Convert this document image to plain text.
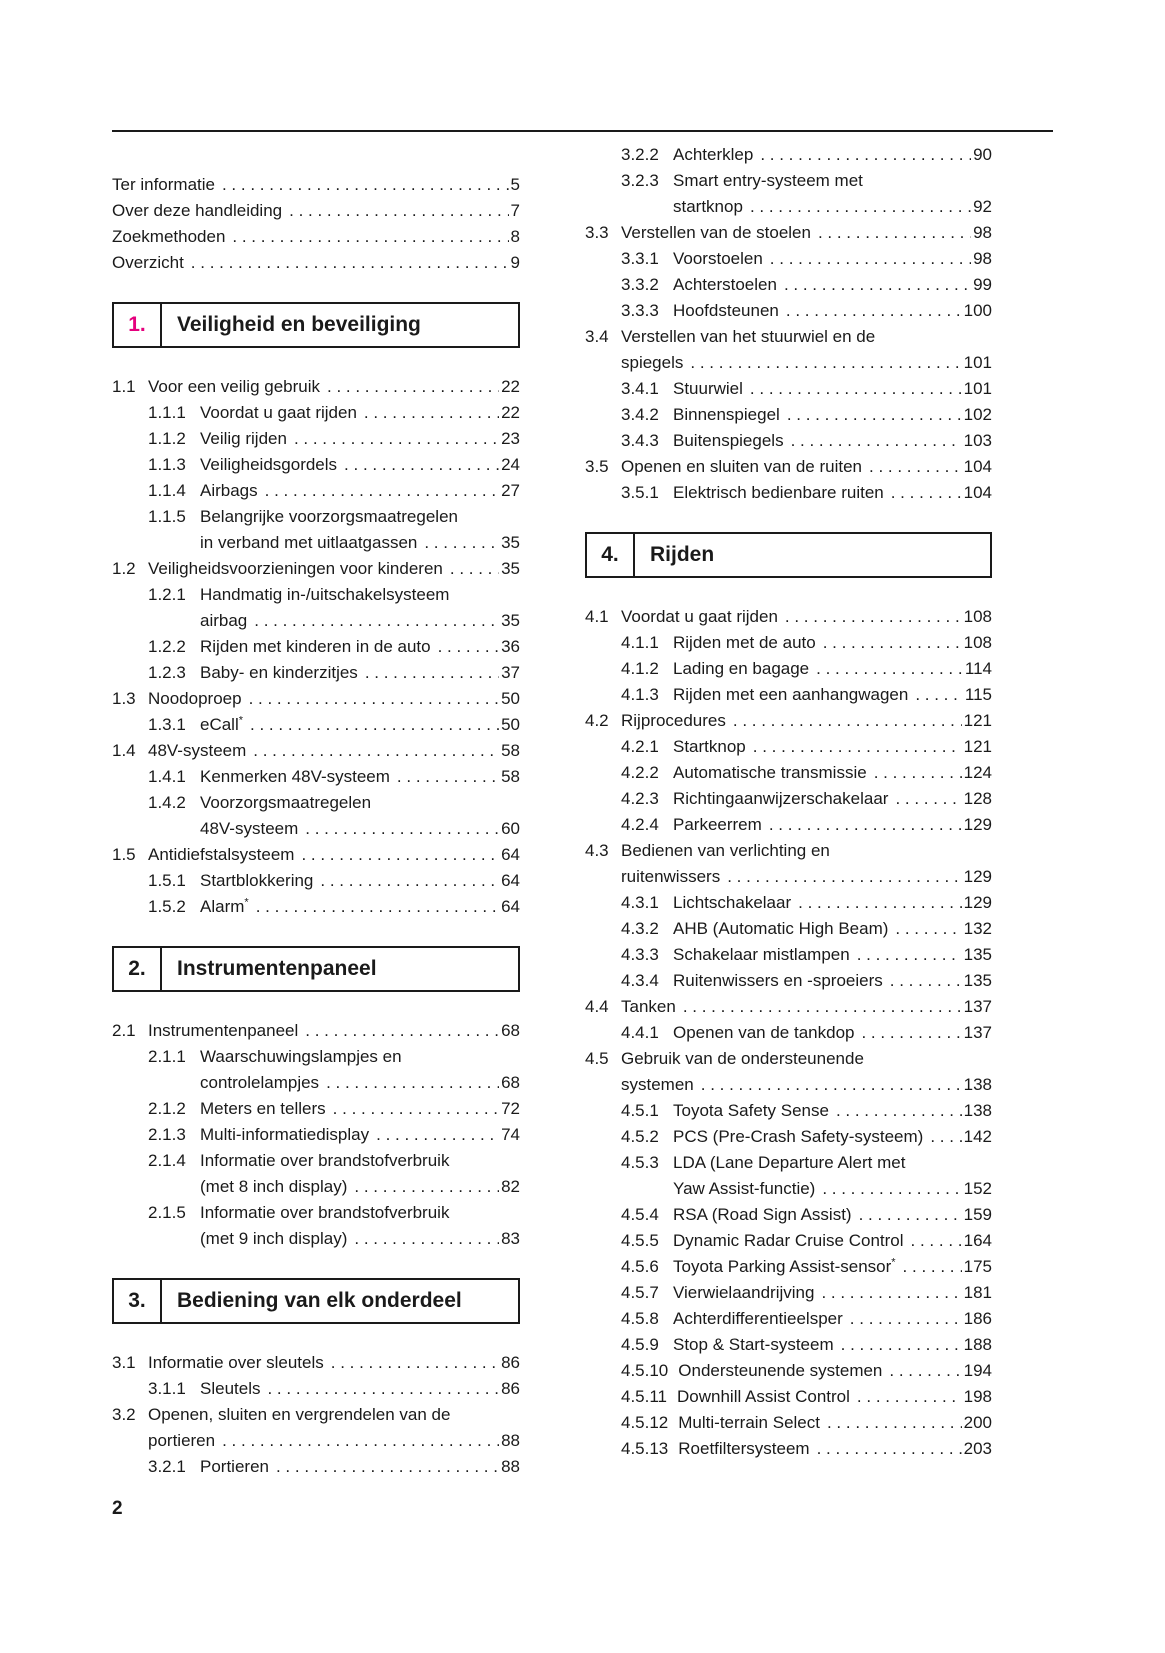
Ter informatie . . .	5
Over deze handleiding . . .	7
Zoekmethoden . . .	8
Overzicht . . .	9
1.	Veiligheid en beveiliging
1.1 Voor een veilig gebruik . . .	22
1.1.1 Voordat u gaat rijden . . .	22
1.1.2 Veilig rijden . . .	23
1.1.3 Veiligheidsgordels . . .	24
1.1.4 Airbags . . .	27
1.1.5 Belangrijke voorzorgsmaatregelen
in verband met uitlaatgassen . . .	35
1.2 Veiligheidsvoorzieningen voor kinderen . . .	35
1.2.1 Handmatig in-/uitschakelsysteem
airbag . . .	35
1.2.2 Rijden met kinderen in de auto . . .	36
1.2.3 Baby- en kinderzitjes . . .	37
1.3 Noodoproep . . .	50
1.3.1 eCall* . . .	50
1.4 48V-systeem . . .	58
1.4.1 Kenmerken 48V-systeem . . .	58
1.4.2 Voorzorgsmaatregelen
48V-systeem . . .	60
1.5 Antidiefstalsysteem . . .	64
1.5.1 Startblokkering . . .	64
1.5.2 Alarm* . . .	64
2.	Instrumentenpaneel
2.1 Instrumentenpaneel . . .	68
2.1.1 Waarschuwingslampjes en
controlelampjes . . .	68
2.1.2 Meters en tellers . . .	72
2.1.3 Multi-informatiedisplay . . .	74
2.1.4 Informatie over brandstofverbruik
(met 8 inch display) . . .	82
2.1.5 Informatie over brandstofverbruik
(met 9 inch display) . . .	83
3.	Bediening van elk onderdeel
3.1 Informatie over sleutels . . .	86
3.1.1 Sleutels . . .	86
3.2 Openen, sluiten en vergrendelen van de
portieren . . .	88
3.2.1 Portieren . . .	88
3.2.2 Achterklep . . .	90
3.2.3 Smart entry-systeem met
startknop . . .	92
3.3 Verstellen van de stoelen . . .	98
3.3.1 Voorstoelen . . .	98
3.3.2 Achterstoelen . . .	99
3.3.3 Hoofdsteunen . . .	100
3.4 Verstellen van het stuurwiel en de
spiegels . . .	101
3.4.1 Stuurwiel . . .	101
3.4.2 Binnenspiegel . . .	102
3.4.3 Buitenspiegels . . .	103
3.5 Openen en sluiten van de ruiten . . .	104
3.5.1 Elektrisch bedienbare ruiten . . .	104
4.	Rijden
4.1 Voordat u gaat rijden . . .	108
4.1.1 Rijden met de auto . . .	108
4.1.2 Lading en bagage . . .	114
4.1.3 Rijden met een aanhangwagen . . .	115
4.2 Rijprocedures . . .	121
4.2.1 Startknop . . .	121
4.2.2 Automatische transmissie . . .	124
4.2.3 Richtingaanwijzerschakelaar . . .	128
4.2.4 Parkeerrem . . .	129
4.3 Bedienen van verlichting en
ruitenwissers . . .	129
4.3.1 Lichtschakelaar . . .	129
4.3.2 AHB (Automatic High Beam) . . .	132
4.3.3 Schakelaar mistlampen . . .	135
4.3.4 Ruitenwissers en -sproeiers . . .	135
4.4 Tanken . . .	137
4.4.1 Openen van de tankdop . . .	137
4.5 Gebruik van de ondersteunende
systemen . . .	138
4.5.1 Toyota Safety Sense . . .	138
4.5.2 PCS (Pre-Crash Safety-systeem) . . . 142
4.5.3 LDA (Lane Departure Alert met
Yaw Assist-functie) . . .	152
4.5.4 RSA (Road Sign Assist) . . .	159
4.5.5 Dynamic Radar Cruise Control . . .	164
4.5.6 Toyota Parking Assist-sensor* . . .	175
4.5.7 Vierwielaandrijving . . .	181
4.5.8 Achterdifferentieelsper . . .	186
4.5.9 Stop & Start-systeem . . .	188
4.5.10 Ondersteunende systemen . . .	194
4.5.11 Downhill Assist Control . . .	198
4.5.12 Multi-terrain Select . . .	200
4.5.13 Roetfiltersysteem . . .	203
2
